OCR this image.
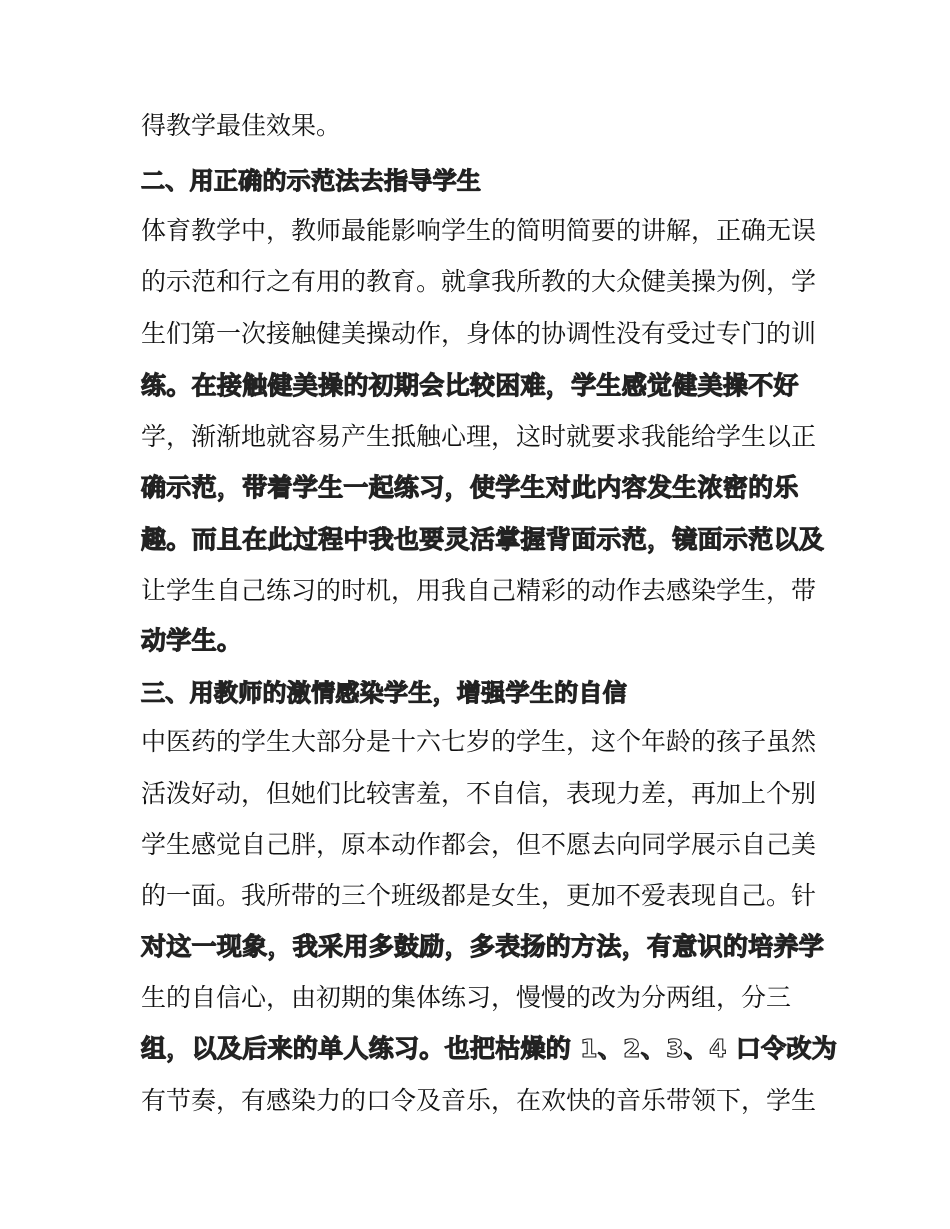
得教学最佳效果。
二、用正确的示范法去指导学生
体育教学中，教师最能影响学生的简明简要的讲解，正确无误
的示范和行之有用的教育。就拿我所教的大众健美操为例，学
生们第一次接触健美操动作，身体的协调性没有受过专门的训
练。在接触健美操的初期会比较困难，学生感觉健美操不好
学，渐渐地就容易产生抵触心理，这时就要求我能给学生以正
确示范，带着学生一起练习，使学生对此内容发生浓密的乐
趣。而且在此过程中我也要灵活掌握背面示范，镜面示范以及
让学生自己练习的时机，用我自己精彩的动作去感染学生，带
动学生。
三、用教师的激情感染学生，增强学生的自信
中医药的学生大部分是十六七岁的学生，这个年龄的孩子虽然
活泼好动，但她们比较害羞，不自信，表现力差，再加上个别
学生感觉自己胖，原本动作都会，但不愿去向同学展示自己美
的一面。我所带的三个班级都是女生，更加不爱表现自己。针
对这一现象，我采用多鼓励，多表扬的方法，有意识的培养学
生的自信心，由初期的集体练习，慢慢的改为分两组，分三
组，以及后来的单人练习。也把枯燥的 1、2、3、4 口令改为
有节奏，有感染力的口令及音乐，在欢快的音乐带领下，学生
